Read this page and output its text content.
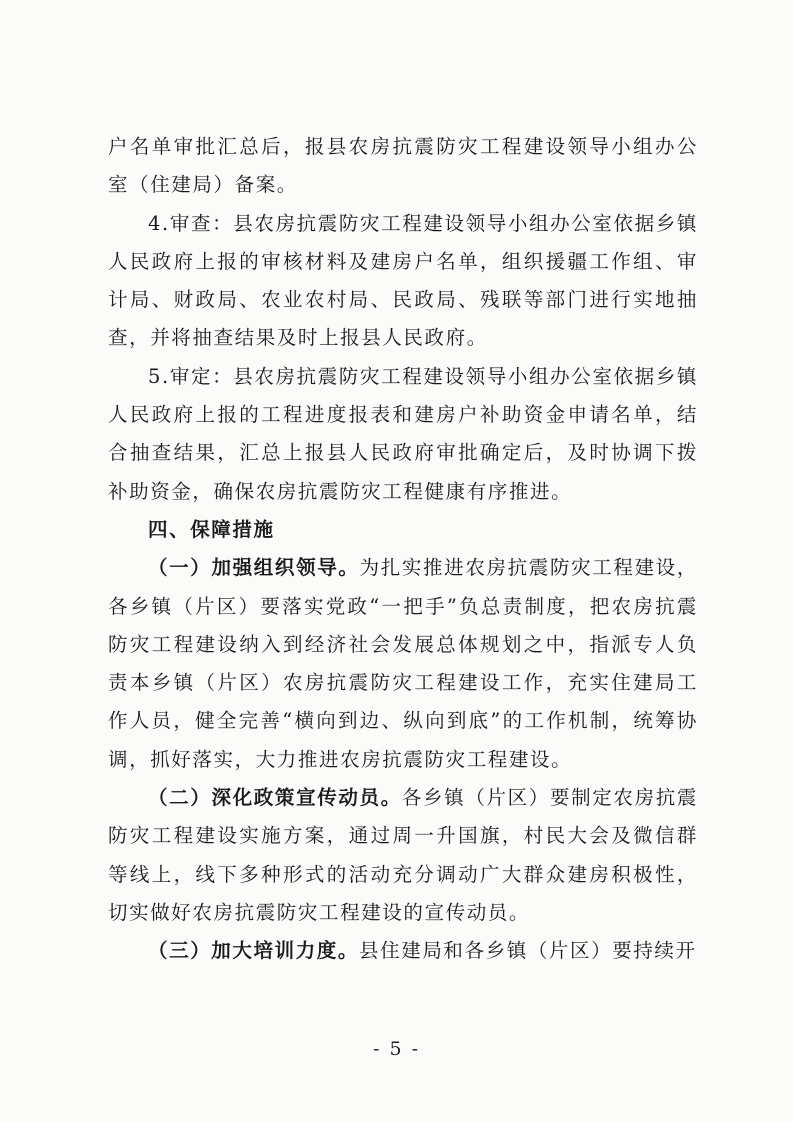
户名单审批汇总后，报县农房抗震防灾工程建设领导小组办公室（住建局）备案。

4.审查：县农房抗震防灾工程建设领导小组办公室依据乡镇人民政府上报的审核材料及建房户名单，组织援疆工作组、审计局、财政局、农业农村局、民政局、残联等部门进行实地抽查，并将抽查结果及时上报县人民政府。

5.审定：县农房抗震防灾工程建设领导小组办公室依据乡镇人民政府上报的工程进度报表和建房户补助资金申请名单，结合抽查结果，汇总上报县人民政府审批确定后，及时协调下拨补助资金，确保农房抗震防灾工程健康有序推进。

四、保障措施

（一）加强组织领导。为扎实推进农房抗震防灾工程建设，各乡镇（片区）要落实党政“一把手”负总责制度，把农房抗震防灾工程建设纳入到经济社会发展总体规划之中，指派专人负责本乡镇（片区）农房抗震防灾工程建设工作，充实住建局工作人员，健全完善“横向到边、纵向到底”的工作机制，统筹协调，抓好落实，大力推进农房抗震防灾工程建设。

（二）深化政策宣传动员。各乡镇（片区）要制定农房抗震防灾工程建设实施方案，通过周一升国旗，村民大会及微信群等线上，线下多种形式的活动充分调动广大群众建房积极性，切实做好农房抗震防灾工程建设的宣传动员。

（三）加大培训力度。县住建局和各乡镇（片区）要持续开

- 5 -
